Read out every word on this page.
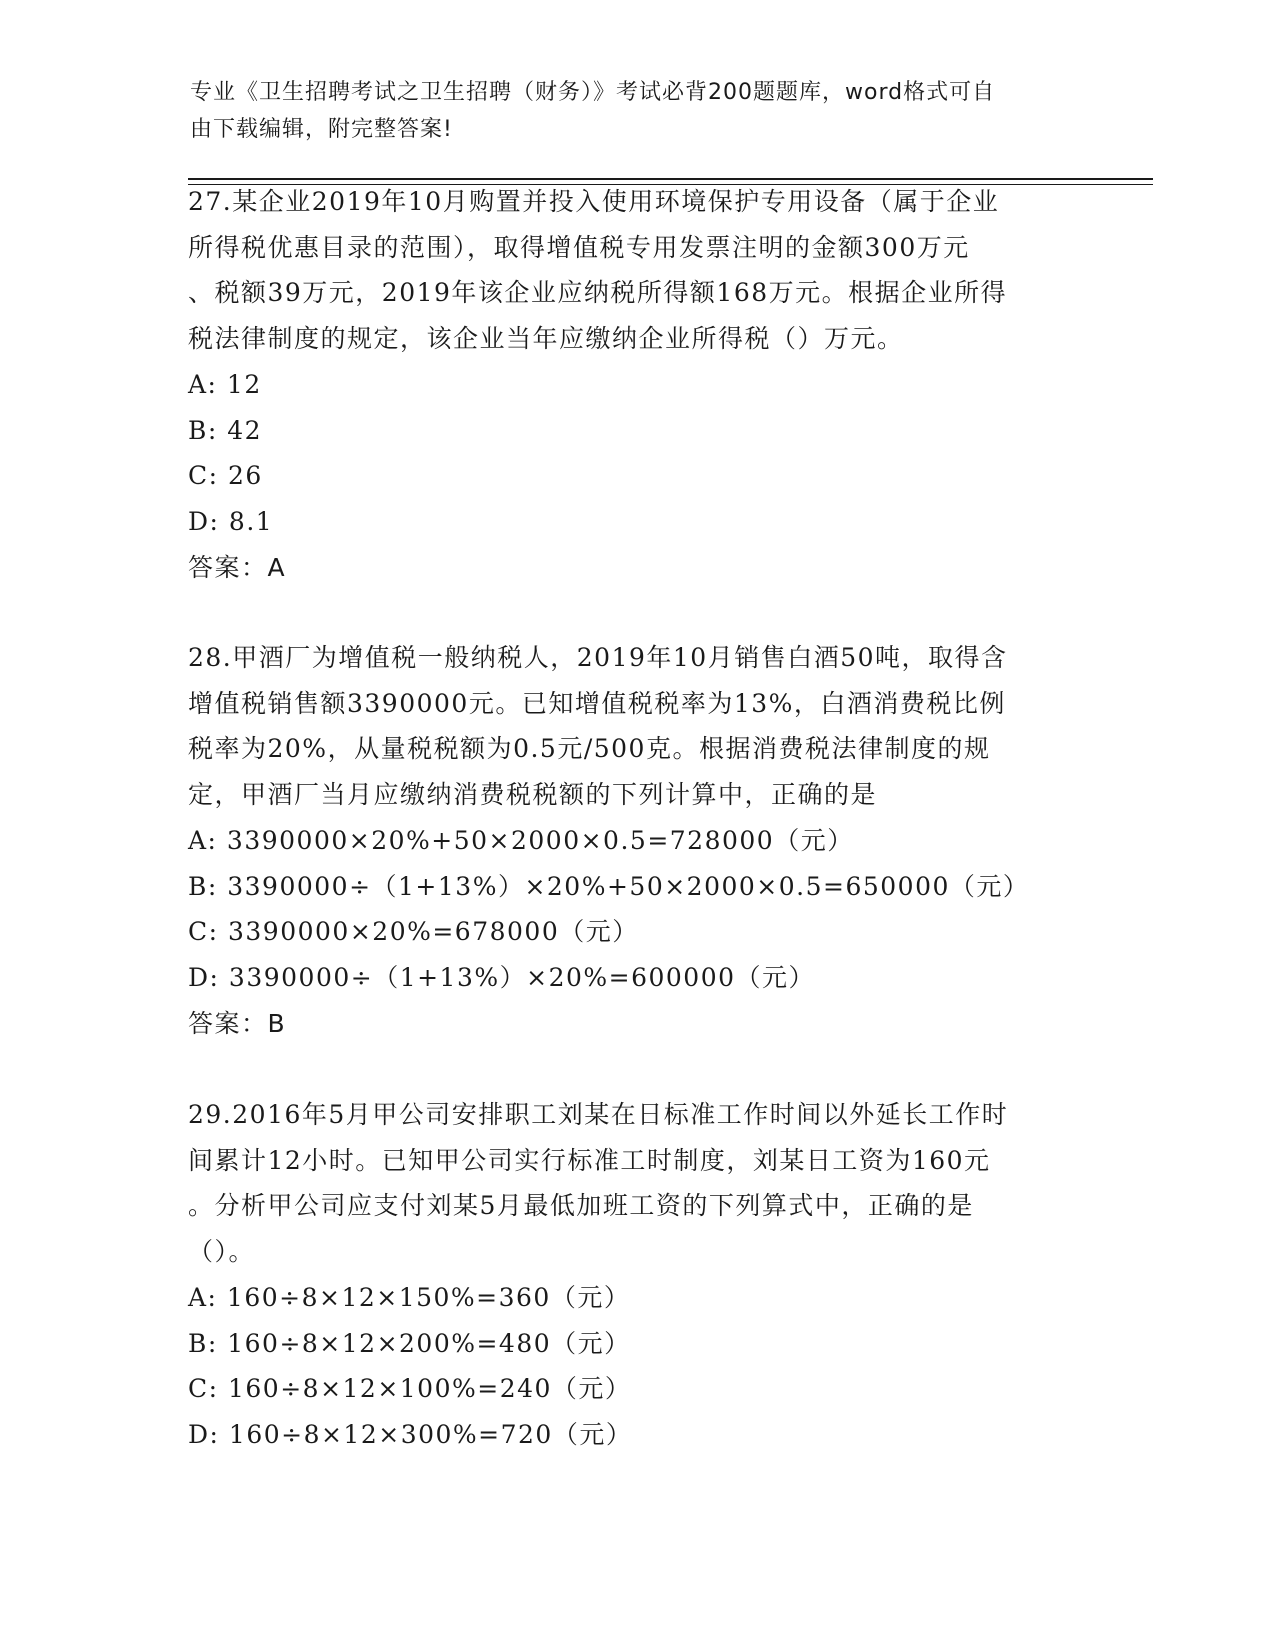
专业《卫生招聘考试之卫生招聘（财务）》考试必背200题题库，word格式可自
由下载编辑，附完整答案!
27.某企业2019年10月购置并投入使用环境保护专用设备（属于企业
所得税优惠目录的范围），取得增值税专用发票注明的金额300万元
、税额39万元，2019年该企业应纳税所得额168万元。根据企业所得
税法律制度的规定，该企业当年应缴纳企业所得税（）万元。
A: 12
B: 42
C: 26
D: 8.1
答案：A
28.甲酒厂为增值税一般纳税人，2019年10月销售白酒50吨，取得含
增值税销售额3390000元。已知增值税税率为13%，白酒消费税比例
税率为20%，从量税税额为0.5元/500克。根据消费税法律制度的规
定，甲酒厂当月应缴纳消费税税额的下列计算中，正确的是
A: 3390000×20%+50×2000×0.5=728000（元）
B: 3390000÷（1+13%）×20%+50×2000×0.5=650000（元）
C: 3390000×20%=678000（元）
D: 3390000÷（1+13%）×20%=600000（元）
答案：B
29.2016年5月甲公司安排职工刘某在日标准工作时间以外延长工作时
间累计12小时。已知甲公司实行标准工时制度，刘某日工资为160元
。分析甲公司应支付刘某5月最低加班工资的下列算式中，正确的是
（）。
A: 160÷8×12×150%=360（元）
B: 160÷8×12×200%=480（元）
C: 160÷8×12×100%=240（元）
D: 160÷8×12×300%=720（元）
